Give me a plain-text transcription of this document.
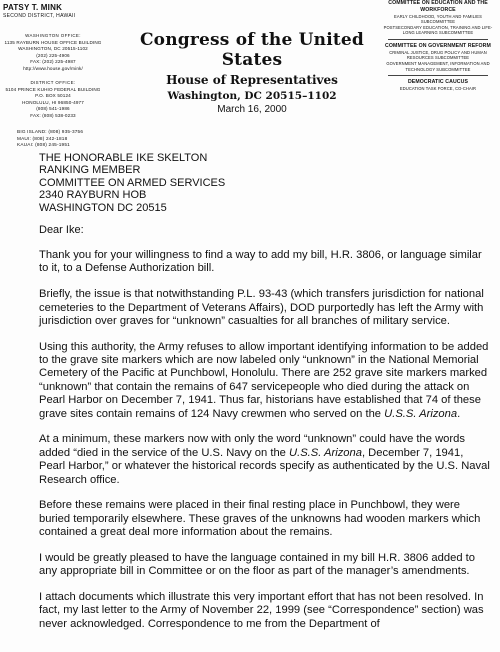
PATSY T. MINK
SECOND DISTRICT, HAWAII
WASHINGTON OFFICE:
1135 RAYBURN HOUSE OFFICE BUILDING
WASHINGTON, DC 20515-1102
(202) 225-4906
FAX: (202) 225-4987
http://www.house.gov/mink/
DISTRICT OFFICE:
5104 PRINCE KUHIO FEDERAL BUILDING
P.O. BOX 50124
HONOLULU, HI 96850-4977
(808) 541-1986
FAX: (808) 538-0233
BIG ISLAND: (808) 935-3756
MAUI: (808) 242-1818
KAUAI: (808) 245-1951
Congress of the United States
House of Representatives
Washington, DC 20515–1102
March 16, 2000
COMMITTEE ON EDUCATION AND THE WORKFORCE
EARLY CHILDHOOD, YOUTH AND FAMILIES SUBCOMMITTEE
POSTSECONDARY EDUCATION, TRAINING AND LIFE-LONG LEARNING SUBCOMMITTEE
COMMITTEE ON GOVERNMENT REFORM
CRIMINAL JUSTICE, DRUG POLICY AND HUMAN RESOURCES SUBCOMMITTEE
GOVERNMENT MANAGEMENT, INFORMATION AND TECHNOLOGY SUBCOMMITTEE
DEMOCRATIC CAUCUS
EDUCATION TASK FORCE, CO-CHAIR
THE HONORABLE IKE SKELTON
RANKING MEMBER
COMMITTEE ON ARMED SERVICES
2340 RAYBURN HOB
WASHINGTON DC 20515
Dear Ike:

Thank you for your willingness to find a way to add my bill, H.R. 3806, or language similar to it, to a Defense Authorization bill.

Briefly, the issue is that notwithstanding P.L. 93-43 (which transfers jurisdiction for national cemeteries to the Department of Veterans Affairs), DOD purportedly has left the Army with jurisdiction over graves for “unknown” casualties for all branches of military service.

Using this authority, the Army refuses to allow important identifying information to be added to the grave site markers which are now labeled only “unknown” in the National Memorial Cemetery of the Pacific at Punchbowl, Honolulu. There are 252 grave site markers marked “unknown” that contain the remains of 647 servicepeople who died during the attack on Pearl Harbor on December 7, 1941. Thus far, historians have established that 74 of these grave sites contain remains of 124 Navy crewmen who served on the U.S.S. Arizona.

At a minimum, these markers now with only the word “unknown” could have the words added “died in the service of the U.S. Navy on the U.S.S. Arizona, December 7, 1941, Pearl Harbor,” or whatever the historical records specify as authenticated by the U.S. Naval Research office.

Before these remains were placed in their final resting place in Punchbowl, they were buried temporarily elsewhere. These graves of the unknowns had wooden markers which contained a great deal more information about the remains.

I would be greatly pleased to have the language contained in my bill H.R. 3806 added to any appropriate bill in Committee or on the floor as part of the manager’s amendments.

I attach documents which illustrate this very important effort that has not been resolved. In fact, my last letter to the Army of November 22, 1999 (see “Correspondence” section) was never acknowledged. Correspondence to me from the Department of
